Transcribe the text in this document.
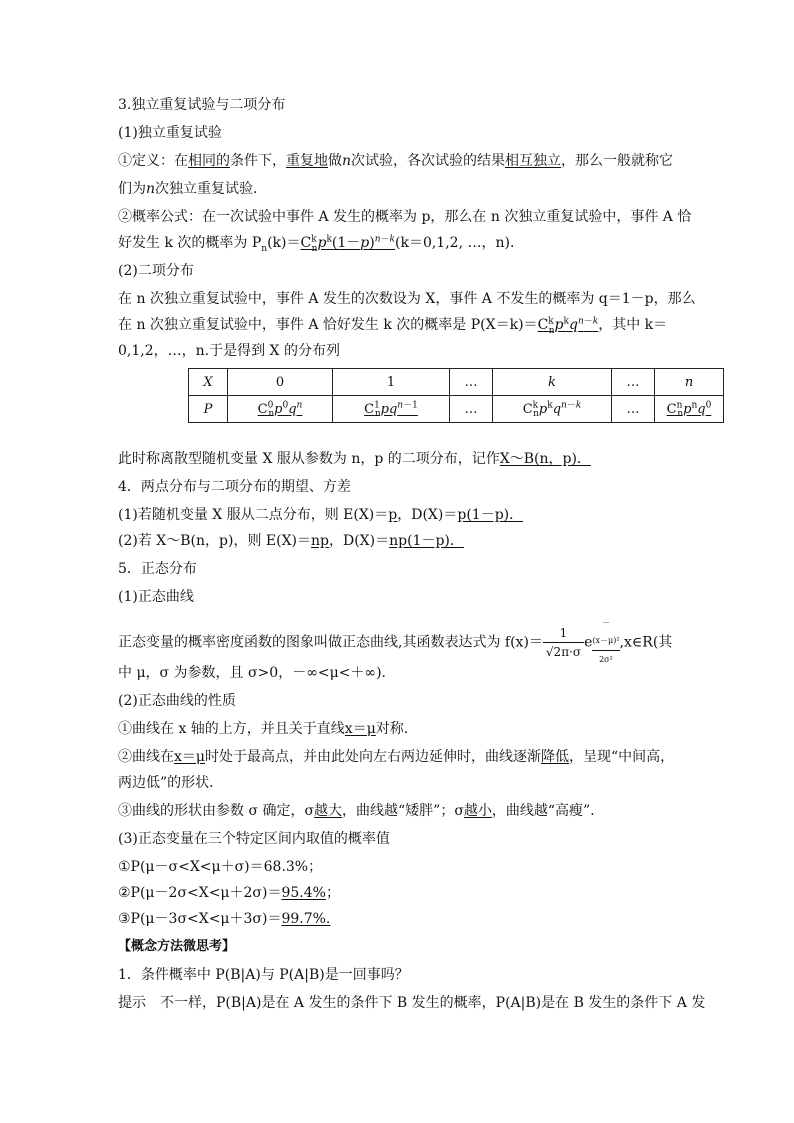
3.独立重复试验与二项分布
(1)独立重复试验
①定义：在相同的条件下，重复地做n次试验，各次试验的结果相互独立，那么一般就称它
们为n次独立重复试验．
②概率公式：在一次试验中事件 A 发生的概率为 p，那么在 n 次独立重复试验中，事件 A 恰
好发生 k 次的概率为 $P_n(k)=C^k_np^k(1-p)^{n-k}(k=0,1,2$, …，n)．
(2)二项分布
在 n 次独立重复试验中，事件 A 发生的次数设为 X，事件 A 不发生的概率为 q＝1－p，那么
在 n 次独立重复试验中，事件 A 恰好发生 k 次的概率是 $P(X=k)=C^k_np^kq^{n-k}$，其中 k＝
0,1,2，…，n.于是得到 X 的分布列
X	0	1	…	k	…	n
P	$C^0_np^0q^n$	$C^1_npq^{n-1}$	…	$C^k_np^kq^{n-k}$	…	$C^n_np^nq^0$
此时称离散型随机变量 X 服从参数为 n，p 的二项分布，记作X～B(n，p)．
4．两点分布与二项分布的期望、方差
(1)若随机变量 X 服从二点分布，则 E(X)＝p，D(X)＝p(1－p)．
(2)若 X～B(n，p)，则 E(X)＝np，D(X)＝np(1－p)．
5．正态分布
(1)正态曲线
正态变量的概率密度函数的图象叫做正态曲线,其函数表达式为 $f(x)= \frac{1}{√2\pi\cdot\sigma} e-$
(x－μ)²
2σ²,x∈R(其
中 μ，σ 为参数，且 σ>0，－∞<μ<＋∞)．
(2)正态曲线的性质
①曲线在 x 轴的上方，并且关于直线x＝μ对称．
②曲线在x＝μ时处于最高点，并由此处向左右两边延伸时，曲线逐渐降低，呈现“中间高，
两边低”的形状．
③曲线的形状由参数 σ 确定，σ越大，曲线越“矮胖”；σ越小，曲线越“高瘦”．
(3)正态变量在三个特定区间内取值的概率值
①P(μ－σ<X<μ＋σ)＝68.3%；
②P(μ－2σ<X<μ＋2σ)＝95.4%；
③P(μ－3σ<X<μ＋3σ)＝99.7%.
【概念方法微思考】
1．条件概率中 P(B|A)与 P(A|B)是一回事吗？
提示　不一样，P(B|A)是在 A 发生的条件下 B 发生的概率，P(A|B)是在 B 发生的条件下 A 发
